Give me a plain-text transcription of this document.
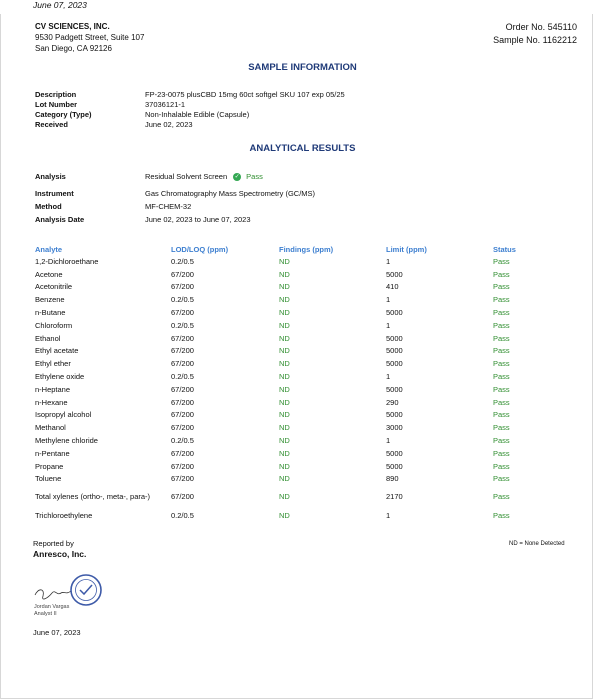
June 07, 2023
CV SCIENCES, INC.
9530 Padgett Street, Suite 107
San Diego, CA 92126
Order No. 545110
Sample No. 1162212
SAMPLE INFORMATION
Description	FP-23-0075 plusCBD 15mg 60ct softgel SKU 107 exp 05/25
Lot Number	37036121-1
Category (Type)	Non-Inhalable Edible (Capsule)
Received	June 02, 2023
ANALYTICAL RESULTS
Analysis	Residual Solvent Screen ✓ Pass
Instrument	Gas Chromatography Mass Spectrometry (GC/MS)
Method	MF-CHEM-32
Analysis Date	June 02, 2023 to June 07, 2023
Analyte	LOD/LOQ (ppm)	Findings (ppm)	Limit (ppm)	Status
1,2-Dichloroethane	0.2/0.5	ND	1	Pass
Acetone	67/200	ND	5000	Pass
Acetonitrile	67/200	ND	410	Pass
Benzene	0.2/0.5	ND	1	Pass
n-Butane	67/200	ND	5000	Pass
Chloroform	0.2/0.5	ND	1	Pass
Ethanol	67/200	ND	5000	Pass
Ethyl acetate	67/200	ND	5000	Pass
Ethyl ether	67/200	ND	5000	Pass
Ethylene oxide	0.2/0.5	ND	1	Pass
n-Heptane	67/200	ND	5000	Pass
n-Hexane	67/200	ND	290	Pass
Isopropyl alcohol	67/200	ND	5000	Pass
Methanol	67/200	ND	3000	Pass
Methylene chloride	0.2/0.5	ND	1	Pass
n-Pentane	67/200	ND	5000	Pass
Propane	67/200	ND	5000	Pass
Toluene	67/200	ND	890	Pass
Total xylenes (ortho-, meta-, para-)	67/200	ND	2170	Pass
Trichloroethylene	0.2/0.5	ND	1	Pass
Reported by
Anresco, Inc.
ND = None Detected
Jordan Vargas
Analyst II
June 07, 2023
